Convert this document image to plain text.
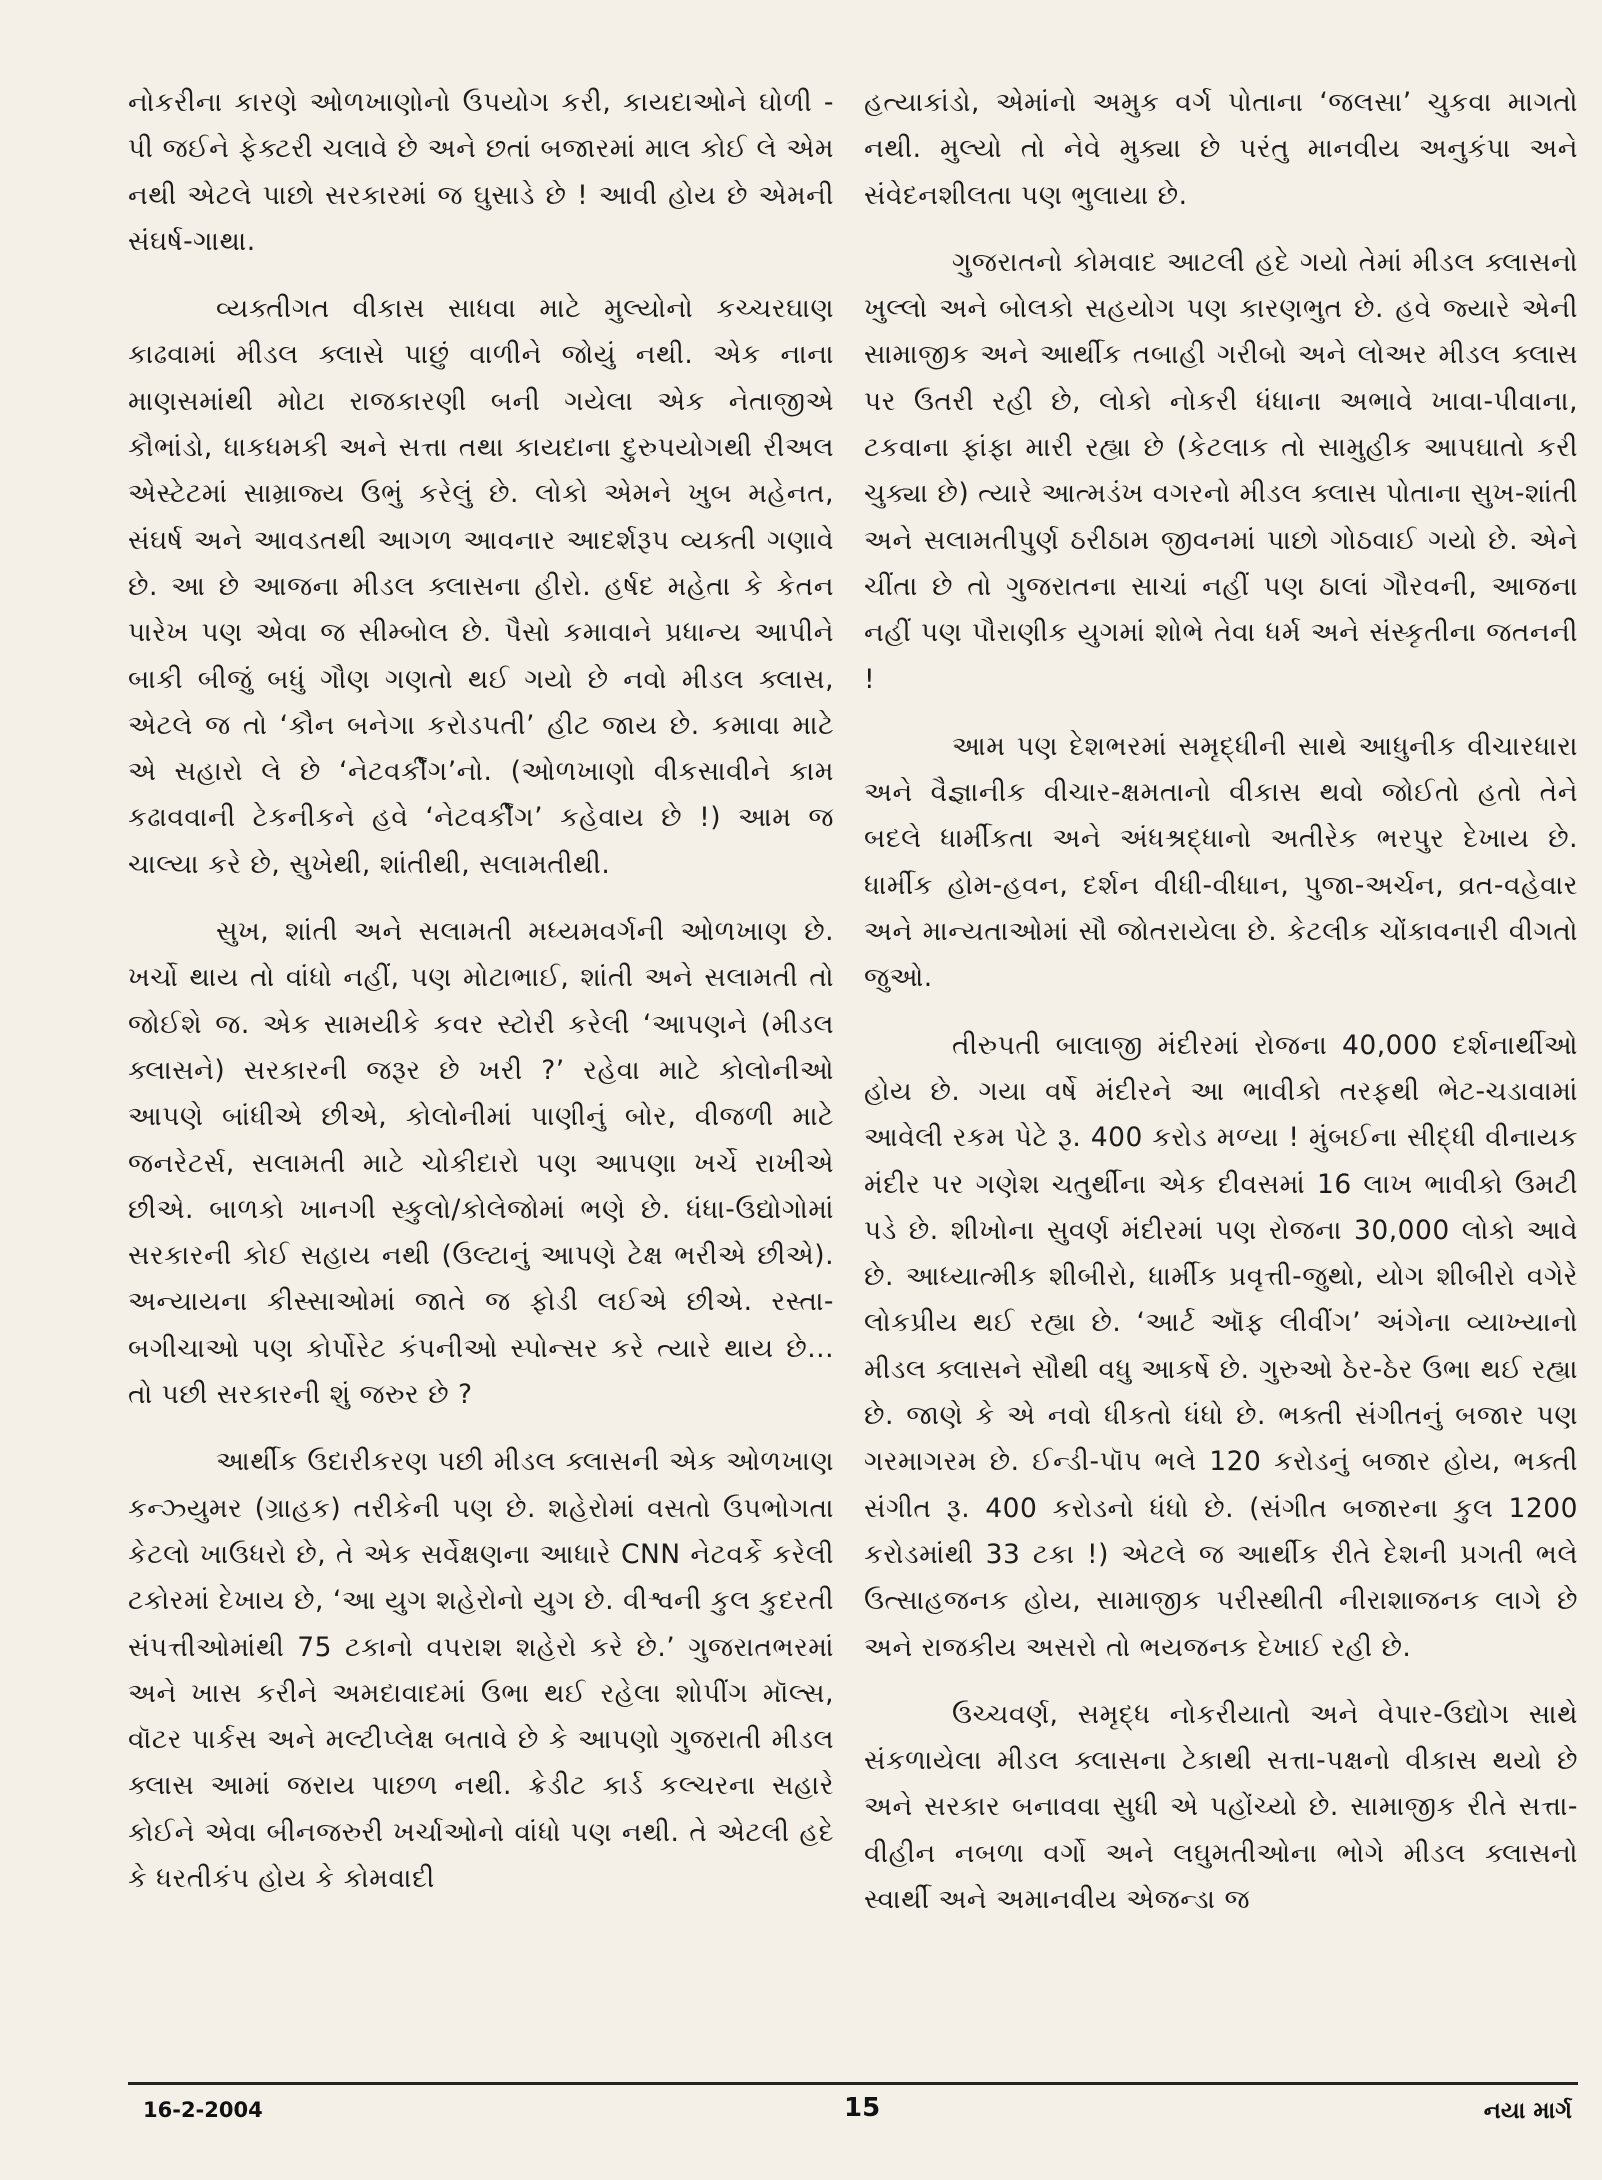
નોકરીના કારણે ઓળખાણોનો ઉપયોગ કરી, કાયદાઓને ઘોળી - પી જઈને ફેક્ટરી ચલાવે છે અને છતાં બજારમાં માલ કોઈ લે એમ નથી એટલે પાછો સરકારમાં જ ઘુસાડે છે ! આવી હોય છે એમની સંઘર્ષ-ગાથા.

વ્યક્તીગત વીકાસ સાધવા માટે મુલ્યોનો કચ્ચરઘાણ કાઢવામાં મીડલ ક્લાસે પાછું વાળીને જોયું નથી. એક નાના માણસમાંથી મોટા રાજકારણી બની ગયેલા એક નેતાજીએ કૌભાંડો, ધાકધમકી અને સત્તા તથા કાયદાના દુરુપયોગથી રીઅલ એસ્ટેટમાં સામ્રાજ્ય ઉભું કરેલું છે. લોકો એમને ખુબ મહેનત, સંઘર્ષ અને આવડતથી આગળ આવનાર આદર્શરૂપ વ્યક્તી ગણાવે છે. આ છે આજના મીડલ ક્લાસના હીરો. હર્ષદ મહેતા કે કેતન પારેખ પણ એવા જ સીમ્બોલ છે. પૈસો કમાવાને પ્રધાન્ય આપીને બાકી બીજું બધું ગૌણ ગણતો થઈ ગયો છે નવો મીડલ ક્લાસ, એટલે જ તો ‘કૌન બનેગા કરોડપતી’ હીટ જાય છે. કમાવા માટે એ સહારો લે છે ‘નેટવર્કીંગ’નો. (ઓળખાણો વીકસાવીને કામ કઢાવવાની ટેકનીકને હવે ‘નેટવર્કીંગ’ કહેવાય છે !) આમ જ ચાલ્યા કરે છે, સુખેથી, શાંતીથી, સલામતીથી.

સુખ, શાંતી અને સલામતી મધ્યમવર્ગની ઓળખાણ છે. ખર્ચો થાય તો વાંધો નહીં, પણ મોટાભાઈ, શાંતી અને સલામતી તો જોઈશે જ. એક સામયીકે કવર સ્ટોરી કરેલી ‘આપણને (મીડલ ક્લાસને) સરકારની જરૂર છે ખરી ?’ રહેવા માટે કોલોનીઓ આપણે બાંધીએ છીએ, કોલોનીમાં પાણીનું બોર, વીજળી માટે જનરેટર્સ, સલામતી માટે ચોકીદારો પણ આપણા ખર્ચે રાખીએ છીએ. બાળકો ખાનગી સ્કુલો/કોલેજોમાં ભણે છે. ધંધા-ઉદ્યોગોમાં સરકારની કોઈ સહાય નથી (ઉલ્ટાનું આપણે ટેક્ષ ભરીએ છીએ). અન્યાયના કીસ્સાઓમાં જાતે જ ફોડી લઈએ છીએ. રસ્તા-બગીચાઓ પણ કોર્પોરેટ કંપનીઓ સ્પોન્સર કરે ત્યારે થાય છે... તો પછી સરકારની શું જરુર છે ?

આર્થીક ઉદારીકરણ પછી મીડલ ક્લાસની એક ઓળખાણ કન્ઝ્યુમર (ગ્રાહક) તરીકેની પણ છે. શહેરોમાં વસતો ઉપભોગતા કેટલો ખાઉધરો છે, તે એક સર્વેક્ષણના આધારે CNN નેટવર્કે કરેલી ટકોરમાં દેખાય છે, ‘આ યુગ શહેરોનો યુગ છે. વીશ્વની કુલ કુદરતી સંપત્તીઓમાંથી 75 ટકાનો વપરાશ શહેરો કરે છે.’ ગુજરાતભરમાં અને ખાસ કરીને અમદાવાદમાં ઉભા થઈ રહેલા શોપીંગ મૉલ્સ, વૉટર પાર્કસ અને મલ્ટીપ્લેક્ષ બતાવે છે કે આપણો ગુજરાતી મીડલ ક્લાસ આમાં જરાય પાછળ નથી. ક્રેડીટ કાર્ડ કલ્ચરના સહારે કોઈને એવા બીનજરુરી ખર્ચાઓનો વાંધો પણ નથી. તે એટલી હદે કે ધરતીકંપ હોય કે કોમવાદી

હત્યાકાંડો, એમાંનો અમુક વર્ગ પોતાના ‘જલસા’ ચુકવા માગતો નથી. મુલ્યો તો નેવે મુક્યા છે પરંતુ માનવીય અનુકંપા અને સંવેદનશીલતા પણ ભુલાયા છે.

ગુજરાતનો કોમવાદ આટલી હદે ગયો તેમાં મીડલ ક્લાસનો ખુલ્લો અને બોલકો સહયોગ પણ કારણભુત છે. હવે જ્યારે એની સામાજીક અને આર્થીક તબાહી ગરીબો અને લોઅર મીડલ ક્લાસ પર ઉતરી રહી છે, લોકો નોકરી ધંધાના અભાવે ખાવા-પીવાના, ટકવાના ફાંફા મારી રહ્યા છે (કેટલાક તો સામુહીક આપઘાતો કરી ચુક્યા છે) ત્યારે આત્મડંખ વગરનો મીડલ ક્લાસ પોતાના સુખ-શાંતી અને સલામતીપુર્ણ ઠરીઠામ જીવનમાં પાછો ગોઠવાઈ ગયો છે. એને ચીંતા છે તો ગુજરાતના સાચાં નહીં પણ ઠાલાં ગૌરવની, આજના નહીં પણ પૌરાણીક યુગમાં શોભે તેવા ધર્મ અને સંસ્કૃતીના જતનની !

આમ પણ દેશભરમાં સમૃદ્ધીની સાથે આધુનીક વીચારધારા અને વૈજ્ઞાનીક વીચાર-ક્ષમતાનો વીકાસ થવો જોઈતો હતો તેને બદલે ધાર્મીકતા અને અંધશ્રદ્ધાનો અતીરેક ભરપુર દેખાય છે. ધાર્મીક હોમ-હવન, દર્શન વીધી-વીધાન, પુજા-અર્ચન, વ્રત-વહેવાર અને માન્યતાઓમાં સૌ જોતરાયેલા છે. કેટલીક ચોંકાવનારી વીગતો જુઓ.

તીરુપતી બાલાજી મંદીરમાં રોજના 40,000 દર્શનાર્થીઓ હોય છે. ગયા વર્ષે મંદીરને આ ભાવીકો તરફથી ભેટ-ચડાવામાં આવેલી રકમ પેટે રૂ. 400 કરોડ મળ્યા ! મુંબઈના સીદ્ધી વીનાયક મંદીર પર ગણેશ ચતુર્થીના એક દીવસમાં 16 લાખ ભાવીકો ઉમટી પડે છે. શીખોના સુવર્ણ મંદીરમાં પણ રોજના 30,000 લોકો આવે છે. આધ્યાત્મીક શીબીરો, ધાર્મીક પ્રવૃત્તી-જુથો, યોગ શીબીરો વગેરે લોકપ્રીય થઈ રહ્યા છે. ‘આર્ટ ઑફ લીવીંગ’ અંગેના વ્યાખ્યાનો મીડલ ક્લાસને સૌથી વધુ આકર્ષે છે. ગુરુઓ ઠેર-ઠેર ઉભા થઈ રહ્યા છે. જાણે કે એ નવો ધીકતો ધંધો છે. ભક્તી સંગીતનું બજાર પણ ગરમાગરમ છે. ઈન્ડી-પૉપ ભલે 120 કરોડનું બજાર હોય, ભક્તી સંગીત રૂ. 400 કરોડનો ધંધો છે. (સંગીત બજારના કુલ 1200 કરોડમાંથી 33 ટકા !) એટલે જ આર્થીક રીતે દેશની પ્રગતી ભલે ઉત્સાહજનક હોય, સામાજીક પરીસ્થીતી નીરાશાજનક લાગે છે અને રાજકીય અસરો તો ભયજનક દેખાઈ રહી છે.

ઉચ્ચવર્ણ, સમૃદ્ધ નોકરીયાતો અને વેપાર-ઉદ્યોગ સાથે સંકળાયેલા મીડલ ક્લાસના ટેકાથી સત્તા-પક્ષનો વીકાસ થયો છે અને સરકાર બનાવવા સુધી એ પહોંચ્યો છે. સામાજીક રીતે સત્તા-વીહીન નબળા વર્ગો અને લઘુમતીઓના ભોગે મીડલ ક્લાસનો સ્વાર્થી અને અમાનવીય એજન્ડા જ

16-2-2004	15	નયા માર્ગ
